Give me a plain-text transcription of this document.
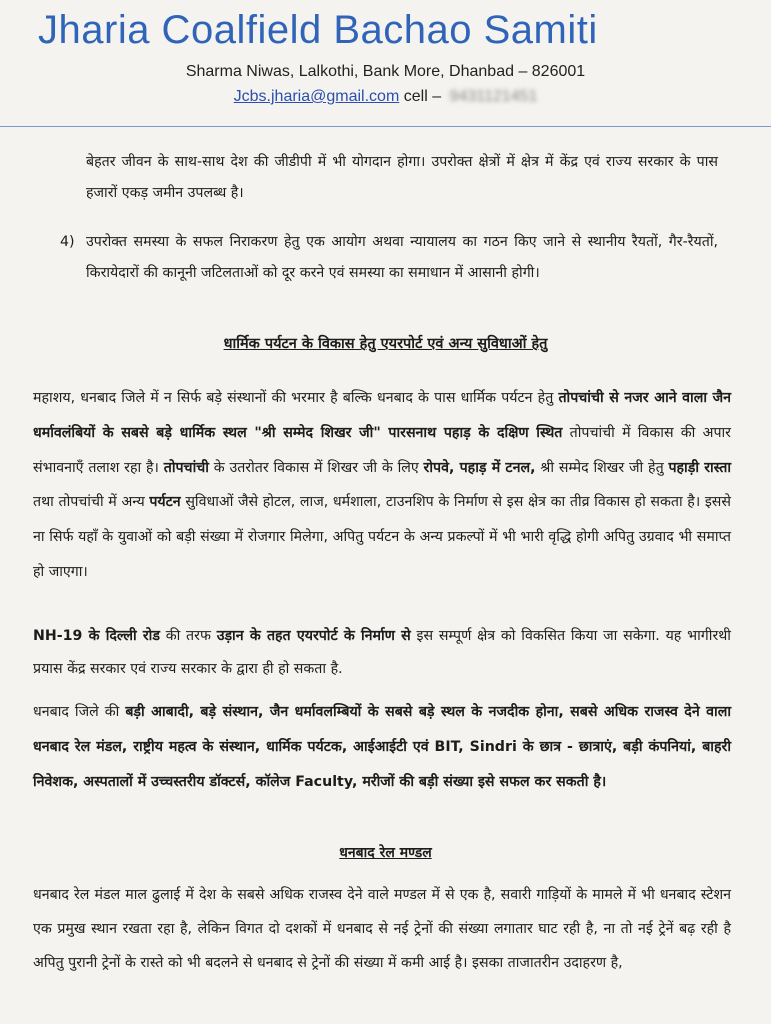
Jharia Coalfield Bachao Samiti
Sharma Niwas, Lalkothi, Bank More, Dhanbad – 826001
Jcbs.jharia@gmail.com cell – 9431121451

बेहतर जीवन के साथ-साथ देश की जीडीपी में भी योगदान होगा। उपरोक्त क्षेत्रों में क्षेत्र में केंद्र एवं राज्य सरकार के पास हजारों एकड़ जमीन उपलब्ध है।

4) उपरोक्त समस्या के सफल निराकरण हेतु एक आयोग अथवा न्यायालय का गठन किए जाने से स्थानीय रैयतों, गैर-रैयतों, किरायेदारों की कानूनी जटिलताओं को दूर करने एवं समस्या का समाधान में आसानी होगी।

धार्मिक पर्यटन के विकास हेतु एयरपोर्ट एवं अन्य सुविधाओं हेतु

महाशय, धनबाद जिले में न सिर्फ बड़े संस्थानों की भरमार है बल्कि धनबाद के पास धार्मिक पर्यटन हेतु तोपचांची से नजर आने वाला जैन धर्मावलंबियों के सबसे बड़े धार्मिक स्थल "श्री सम्मेद शिखर जी" पारसनाथ पहाड़ के दक्षिण स्थित तोपचांची में विकास की अपार संभावनाएँ तलाश रहा है। तोपचांची के उतरोतर विकास में शिखर जी के लिए रोपवे, पहाड़ में टनल, श्री सम्मेद शिखर जी हेतु पहाड़ी रास्ता तथा तोपचांची में अन्य पर्यटन सुविधाओं जैसे होटल, लाज, धर्मशाला, टाउनशिप के निर्माण से इस क्षेत्र का तीव्र विकास हो सकता है। इससे ना सिर्फ यहाँ के युवाओं को बड़ी संख्या में रोजगार मिलेगा, अपितु पर्यटन के अन्य प्रकल्पों में भी भारी वृद्धि होगी अपितु उग्रवाद भी समाप्त हो जाएगा।

NH-19 के दिल्ली रोड की तरफ उड़ान के तहत एयरपोर्ट के निर्माण से इस सम्पूर्ण क्षेत्र को विकसित किया जा सकेगा. यह भागीरथी प्रयास केंद्र सरकार एवं राज्य सरकार के द्वारा ही हो सकता है.

धनबाद जिले की बड़ी आबादी, बड़े संस्थान, जैन धर्मावलम्बियों के सबसे बड़े स्थल के नजदीक होना, सबसे अधिक राजस्व देने वाला धनबाद रेल मंडल, राष्ट्रीय महत्व के संस्थान, धार्मिक पर्यटक, आईआईटी एवं BIT, Sindri के छात्र - छात्राएं, बड़ी कंपनियां, बाहरी निवेशक, अस्पतालों में उच्चस्तरीय डॉक्टर्स, कॉलेज Faculty, मरीजों की बड़ी संख्या इसे सफल कर सकती है।

धनबाद रेल मण्डल

धनबाद रेल मंडल माल ढुलाई में देश के सबसे अधिक राजस्व देने वाले मण्डल में से एक है, सवारी गाड़ियों के मामले में भी धनबाद स्टेशन एक प्रमुख स्थान रखता रहा है, लेकिन विगत दो दशकों में धनबाद से नई ट्रेनों की संख्या लगातार घाट रही है, ना तो नई ट्रेनें बढ़ रही है अपितु पुरानी ट्रेनों के रास्ते को भी बदलने से धनबाद से ट्रेनों की संख्या में कमी आई है। इसका ताजातरीन उदाहरण है,
